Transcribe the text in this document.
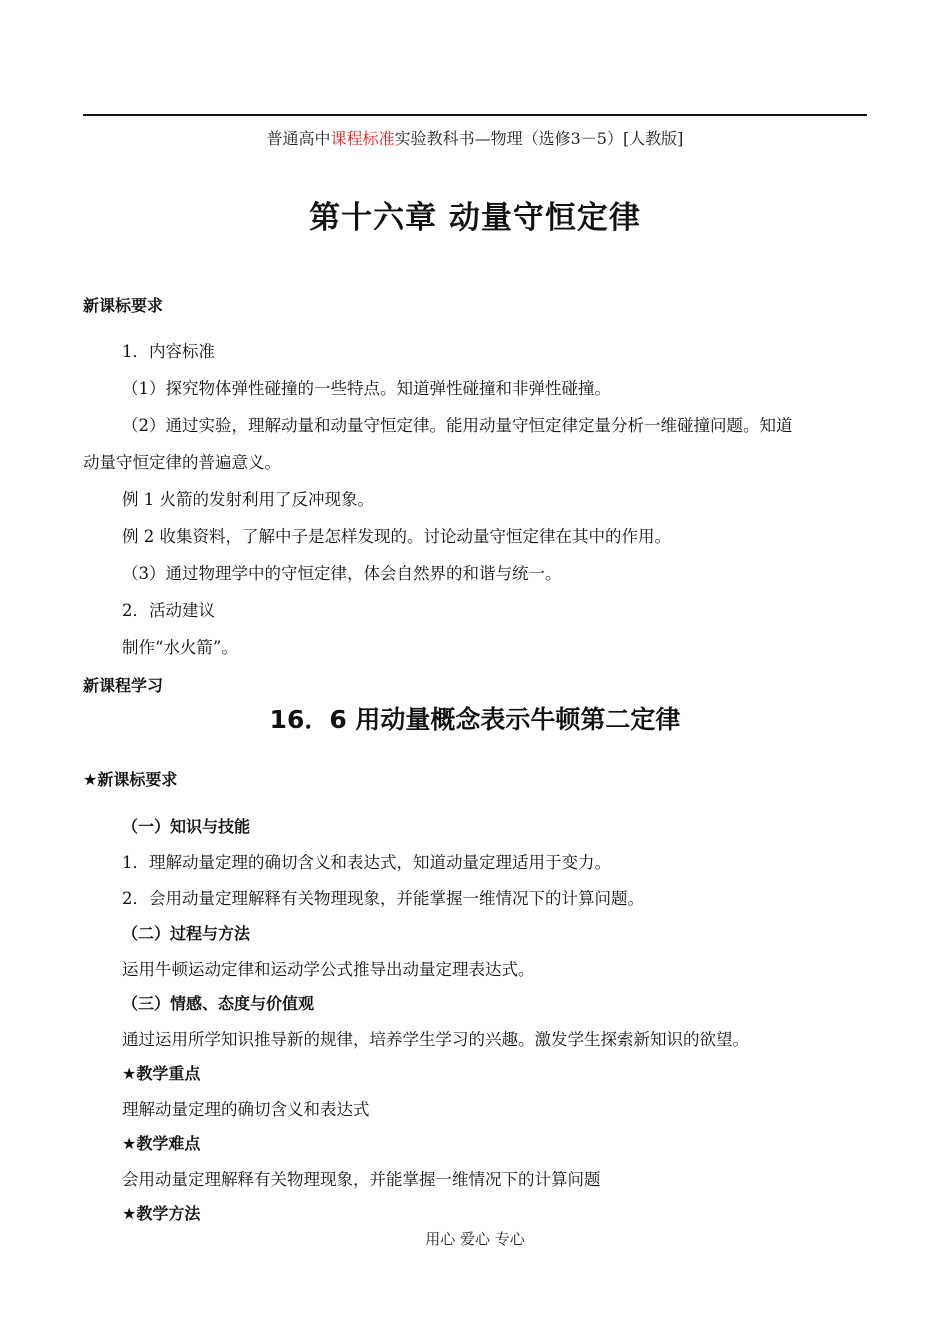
普通高中课程标准实验教科书—物理（选修3－5）[人教版]
第十六章 动量守恒定律
新课标要求
1．内容标准
（1）探究物体弹性碰撞的一些特点。知道弹性碰撞和非弹性碰撞。
（2）通过实验，理解动量和动量守恒定律。能用动量守恒定律定量分析一维碰撞问题。知道
动量守恒定律的普遍意义。
例 1 火箭的发射利用了反冲现象。
例 2 收集资料，了解中子是怎样发现的。讨论动量守恒定律在其中的作用。
（3）通过物理学中的守恒定律，体会自然界的和谐与统一。
2．活动建议
制作“水火箭”。
新课程学习
16．6 用动量概念表示牛顿第二定律
★新课标要求
（一）知识与技能
1．理解动量定理的确切含义和表达式，知道动量定理适用于变力。
2．会用动量定理解释有关物理现象，并能掌握一维情况下的计算问题。
（二）过程与方法
运用牛顿运动定律和运动学公式推导出动量定理表达式。
（三）情感、态度与价值观
通过运用所学知识推导新的规律，培养学生学习的兴趣。激发学生探索新知识的欲望。
★教学重点
理解动量定理的确切含义和表达式
★教学难点
会用动量定理解释有关物理现象，并能掌握一维情况下的计算问题
★教学方法
用心 爱心 专心
